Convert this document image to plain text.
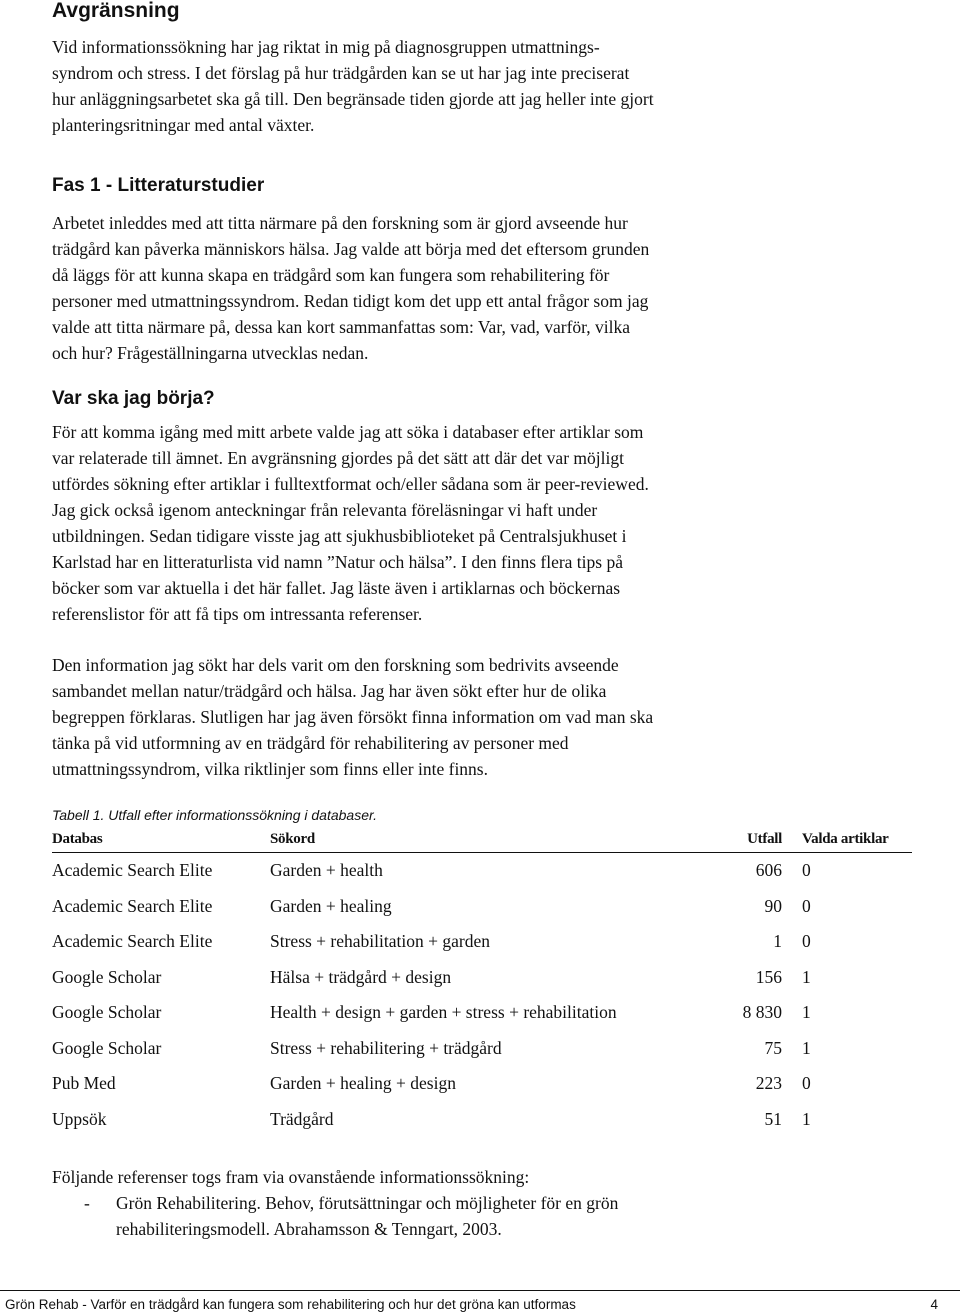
Avgränsning
Vid informationssökning har jag riktat in mig på diagnosgruppen utmattnings-
syndrom och stress. I det förslag på hur trädgården kan se ut har jag inte preciserat
hur anläggningsarbetet ska gå till. Den begränsade tiden gjorde att jag heller inte gjort
planteringsritningar med antal växter.
Fas 1 - Litteraturstudier
Arbetet inleddes med att titta närmare på den forskning som är gjord avseende hur
trädgård kan påverka människors hälsa. Jag valde att börja med det eftersom grunden
då läggs för att kunna skapa en trädgård som kan fungera som rehabilitering för
personer med utmattningssyndrom. Redan tidigt kom det upp ett antal frågor som jag
valde att titta närmare på, dessa kan kort sammanfattas som: Var, vad, varför, vilka
och hur? Frågeställningarna utvecklas nedan.
Var ska jag börja?
För att komma igång med mitt arbete valde jag att söka i databaser efter artiklar som
var relaterade till ämnet. En avgränsning gjordes på det sätt att där det var möjligt
utfördes sökning efter artiklar i fulltextformat och/eller sådana som är peer-reviewed.
Jag gick också igenom anteckningar från relevanta föreläsningar vi haft under
utbildningen. Sedan tidigare visste jag att sjukhusbiblioteket på Centralsjukhuset i
Karlstad har en litteraturlista vid namn ”Natur och hälsa”. I den finns flera tips på
böcker som var aktuella i det här fallet. Jag läste även i artiklarnas och böckernas
referenslistor för att få tips om intressanta referenser.
Den information jag sökt har dels varit om den forskning som bedrivits avseende
sambandet mellan natur/trädgård och hälsa. Jag har även sökt efter hur de olika
begreppen förklaras. Slutligen har jag även försökt finna information om vad man ska
tänka på vid utformning av en trädgård för rehabilitering av personer med
utmattningssyndrom, vilka riktlinjer som finns eller inte finns.
Tabell 1. Utfall efter informationssökning i databaser.
Databas	Sökord	Utfall	Valda artiklar
Academic Search Elite	Garden + health	606	0
Academic Search Elite	Garden + healing	90	0
Academic Search Elite	Stress + rehabilitation + garden	1	0
Google Scholar	Hälsa + trädgård + design	156	1
Google Scholar	Health + design + garden + stress + rehabilitation	8 830	1
Google Scholar	Stress + rehabilitering + trädgård	75	1
Pub Med	Garden + healing + design	223	0
Uppsök	Trädgård	51	1
Följande referenser togs fram via ovanstående informationssökning:
- Grön Rehabilitering. Behov, förutsättningar och möjligheter för en grön
rehabiliteringsmodell. Abrahamsson & Tenngart, 2003.
Grön Rehab - Varför en trädgård kan fungera som rehabilitering och hur det gröna kan utformas	4
